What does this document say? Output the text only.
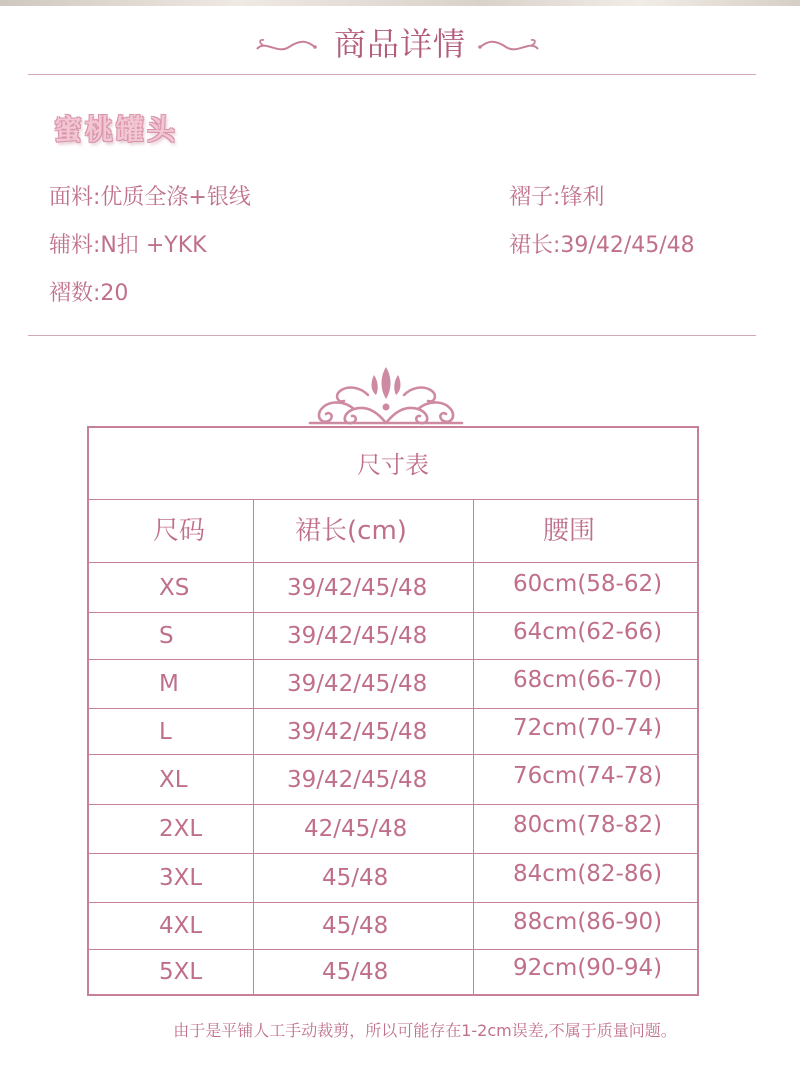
商品详情
蜜桃罐头
面料:优质全涤+银线
辅料:N扣 +YKK
褶数:20
褶子:锋利
裙长:39/42/45/48
尺寸表
尺码	裙长(cm)	腰围
XS	39/42/45/48	60cm(58-62)
S	39/42/45/48	64cm(62-66)
M	39/42/45/48	68cm(66-70)
L	39/42/45/48	72cm(70-74)
XL	39/42/45/48	76cm(74-78)
2XL	42/45/48	80cm(78-82)
3XL	45/48	84cm(82-86)
4XL	45/48	88cm(86-90)
5XL	45/48	92cm(90-94)
由于是平铺人工手动裁剪，所以可能存在1-2cm误差,不属于质量问题。
